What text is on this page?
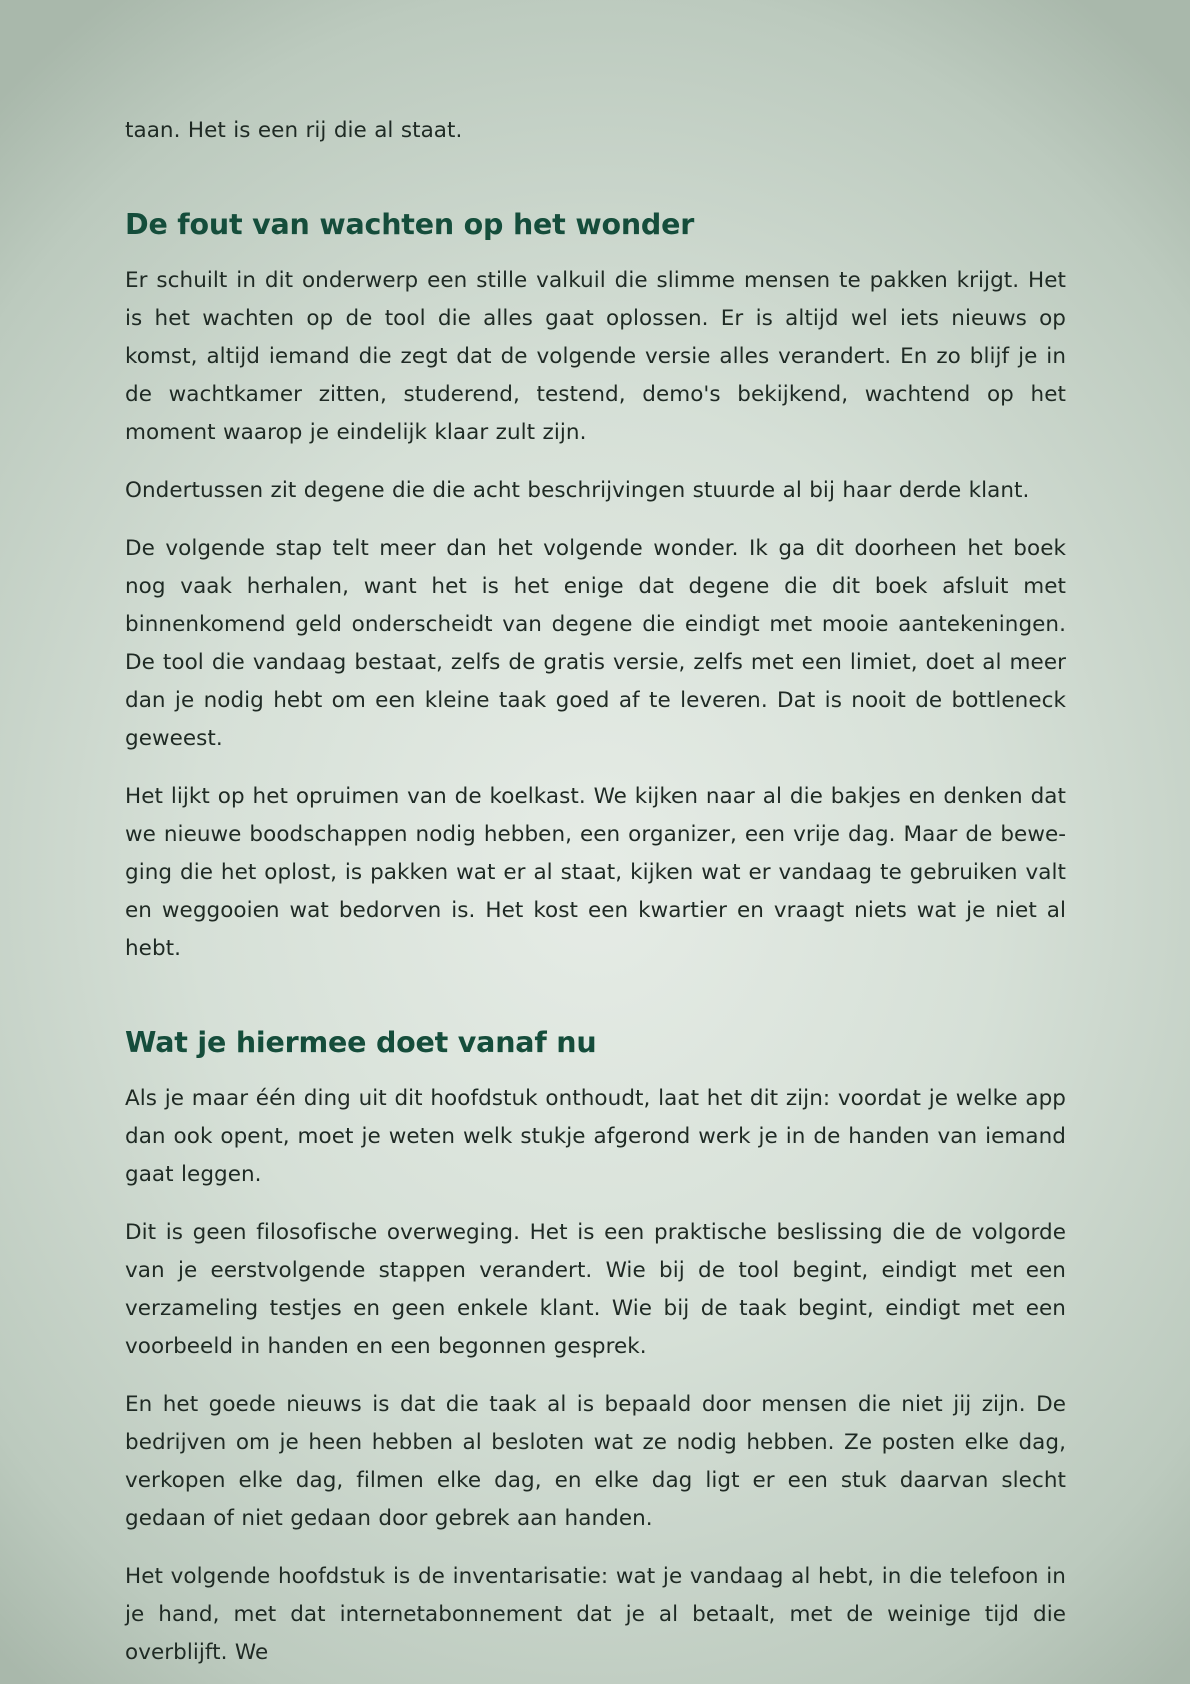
taan. Het is een rij die al staat.

De fout van wachten op het wonder

Er schuilt in dit onderwerp een stille valkuil die slimme mensen te pakken krijgt. Het is het wachten op de tool die alles gaat oplossen. Er is altijd wel iets nieuws op komst, altijd iemand die zegt dat de volgende versie alles verandert. En zo blijf je in de wachtkamer zitten, studerend, testend, demo's bekijkend, wachtend op het moment waarop je eindelijk klaar zult zijn.

Ondertussen zit degene die die acht beschrijvingen stuurde al bij haar derde klant.

De volgende stap telt meer dan het volgende wonder. Ik ga dit doorheen het boek nog vaak herhalen, want het is het enige dat degene die dit boek afsluit met binnenkomend geld onderscheidt van degene die eindigt met mooie aantekeningen. De tool die vandaag bestaat, zelfs de gratis versie, zelfs met een limiet, doet al meer dan je nodig hebt om een kleine taak goed af te leveren. Dat is nooit de bottleneck geweest.

Het lijkt op het opruimen van de koelkast. We kijken naar al die bakjes en denken dat we nieuwe boodschappen nodig hebben, een organizer, een vrije dag. Maar de beweging die het oplost, is pakken wat er al staat, kijken wat er vandaag te gebruiken valt en weggooien wat bedorven is. Het kost een kwartier en vraagt niets wat je niet al hebt.

Wat je hiermee doet vanaf nu

Als je maar één ding uit dit hoofdstuk onthoudt, laat het dit zijn: voordat je welke app dan ook opent, moet je weten welk stukje afgerond werk je in de handen van iemand gaat leggen.

Dit is geen filosofische overweging. Het is een praktische beslissing die de volgorde van je eerstvolgende stappen verandert. Wie bij de tool begint, eindigt met een verzameling testjes en geen enkele klant. Wie bij de taak begint, eindigt met een voorbeeld in handen en een begonnen gesprek.

En het goede nieuws is dat die taak al is bepaald door mensen die niet jij zijn. De bedrijven om je heen hebben al besloten wat ze nodig hebben. Ze posten elke dag, verkopen elke dag, filmen elke dag, en elke dag ligt er een stuk daarvan slecht gedaan of niet gedaan door gebrek aan handen.

Het volgende hoofdstuk is de inventarisatie: wat je vandaag al hebt, in die telefoon in je hand, met dat internetabonnement dat je al betaalt, met de weinige tijd die overblijft. We
